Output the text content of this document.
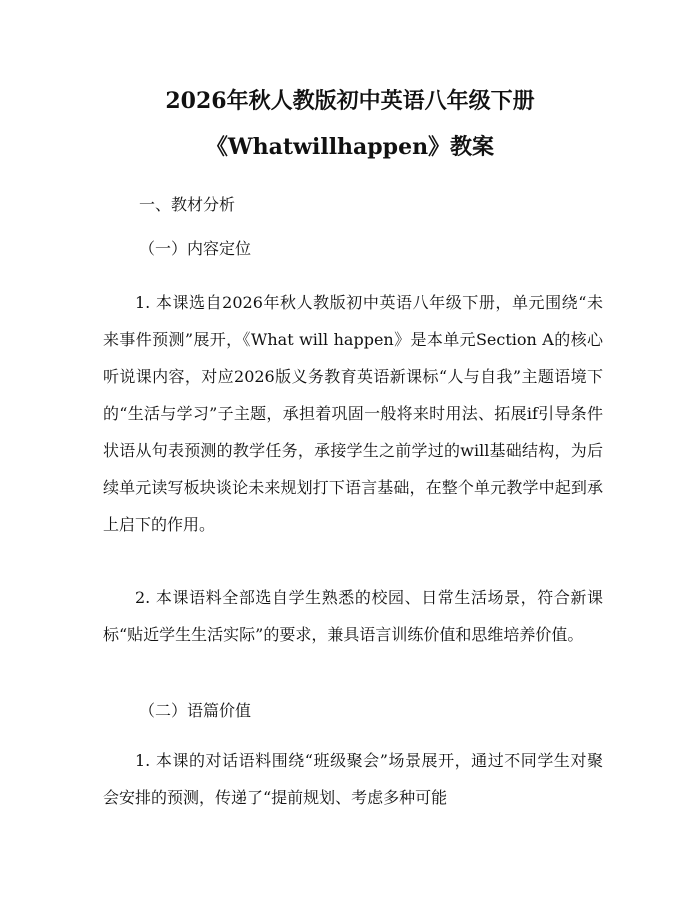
2026年秋人教版初中英语八年级下册
《Whatwillhappen》教案
一、教材分析
（一）内容定位
1. 本课选自2026年秋人教版初中英语八年级下册，单元围绕“未来事件预测”展开，《What will happen》是本单元Section A的核心听说课内容，对应2026版义务教育英语新课标“人与自我”主题语境下的“生活与学习”子主题，承担着巩固一般将来时用法、拓展if引导条件状语从句表预测的教学任务，承接学生之前学过的will基础结构，为后续单元读写板块谈论未来规划打下语言基础，在整个单元教学中起到承上启下的作用。
2. 本课语料全部选自学生熟悉的校园、日常生活场景，符合新课标“贴近学生生活实际”的要求，兼具语言训练价值和思维培养价值。
（二）语篇价值
1. 本课的对话语料围绕“班级聚会”场景展开，通过不同学生对聚会安排的预测，传递了“提前规划、考虑多种可能
